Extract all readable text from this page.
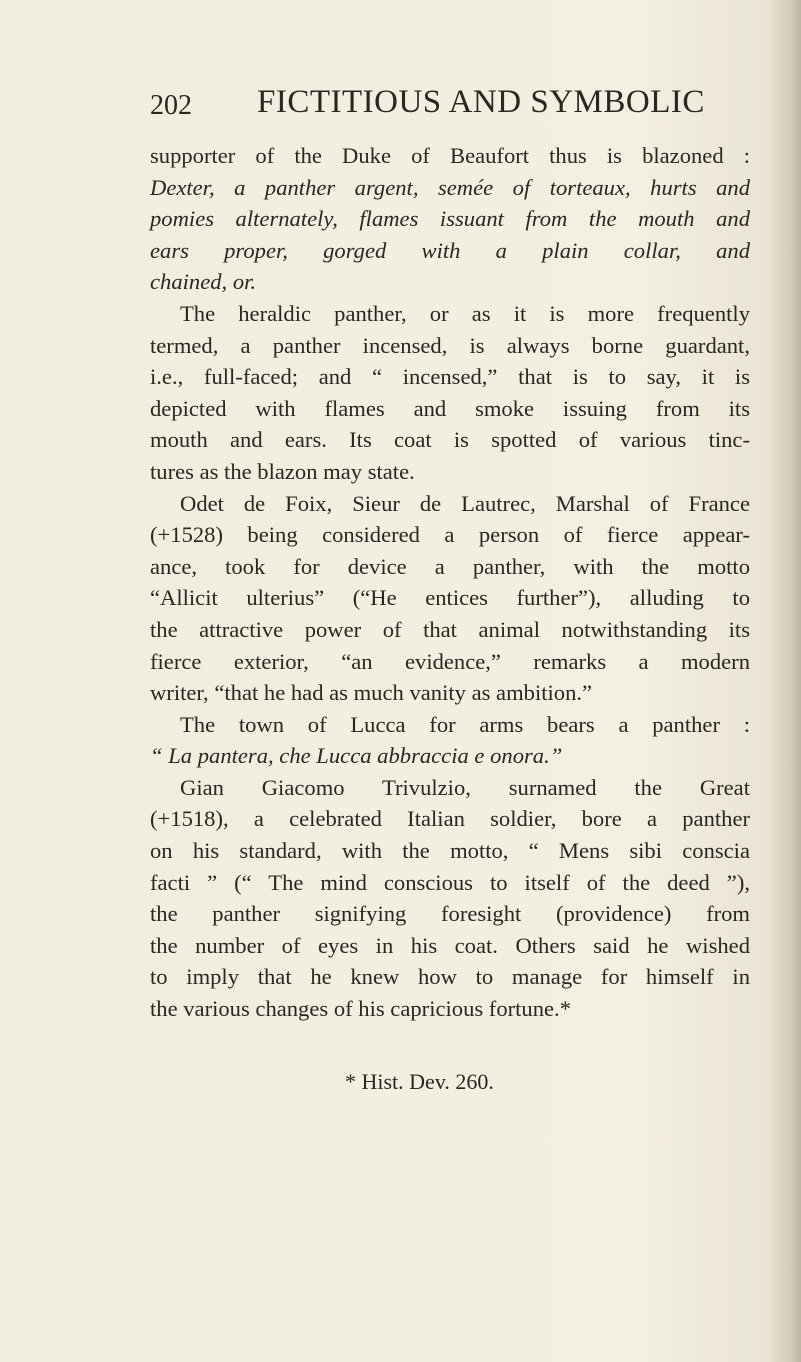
202 FICTITIOUS AND SYMBOLIC
supporter of the Duke of Beaufort thus is blazoned :
Dexter, a panther argent, semée of torteaux, hurts and
pomies alternately, flames issuant from the mouth and
ears proper, gorged with a plain collar, and
chained, or.
The heraldic panther, or as it is more frequently
termed, a panther incensed, is always borne guardant,
i.e., full-faced; and “ incensed,” that is to say, it is
depicted with flames and smoke issuing from its
mouth and ears. Its coat is spotted of various tinc-
tures as the blazon may state.
Odet de Foix, Sieur de Lautrec, Marshal of France
(+1528) being considered a person of fierce appear-
ance, took for device a panther, with the motto
“Allicit ulterius” (“He entices further”), alluding to
the attractive power of that animal notwithstanding its
fierce exterior, “an evidence,” remarks a modern
writer, “that he had as much vanity as ambition.”
The town of Lucca for arms bears a panther :
“ La pantera, che Lucca abbraccia e onora.”
Gian Giacomo Trivulzio, surnamed the Great
(+1518), a celebrated Italian soldier, bore a panther
on his standard, with the motto, “ Mens sibi conscia
facti ” (“ The mind conscious to itself of the deed ”),
the panther signifying foresight (providence) from
the number of eyes in his coat. Others said he wished
to imply that he knew how to manage for himself in
the various changes of his capricious fortune.*
* Hist. Dev. 260.
